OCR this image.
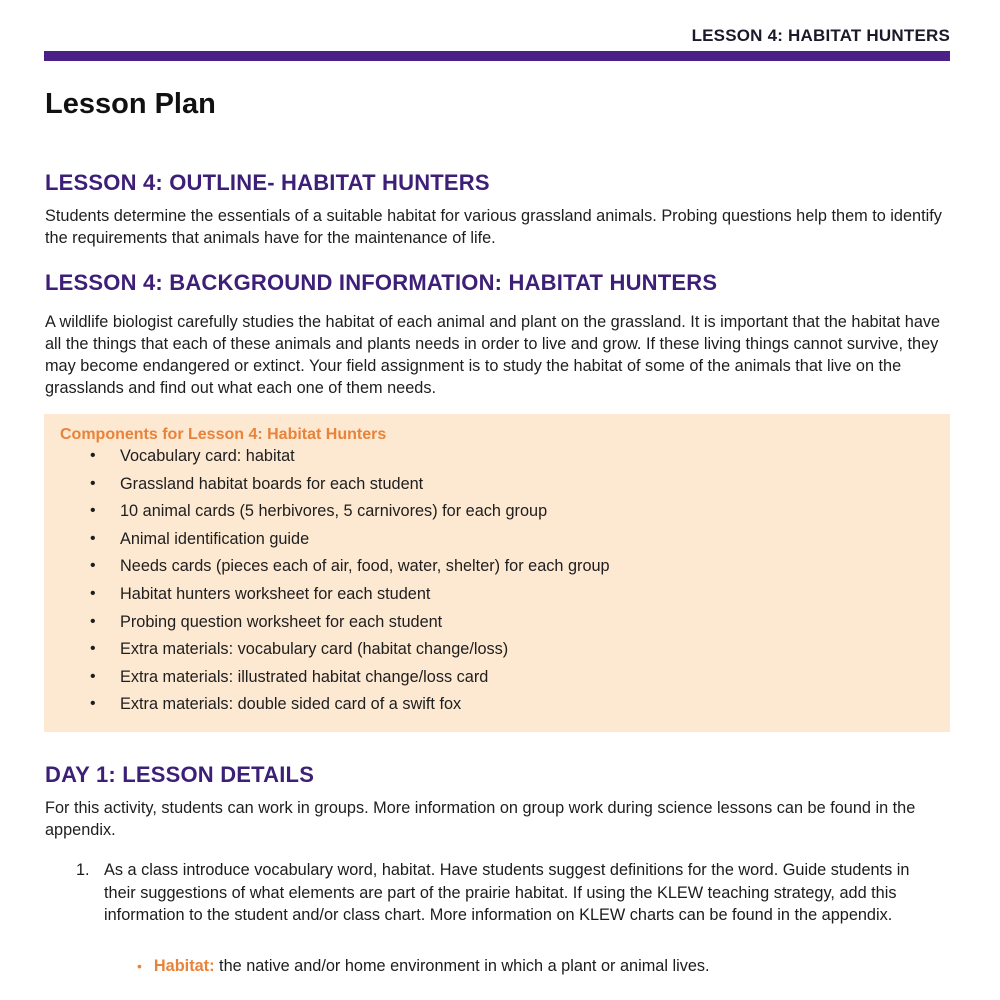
LESSON 4: HABITAT HUNTERS
Lesson Plan
LESSON 4: OUTLINE- HABITAT HUNTERS
Students determine the essentials of a suitable habitat for various grassland animals. Probing questions help them to identify the requirements that animals have for the maintenance of life.
LESSON 4: BACKGROUND INFORMATION: HABITAT HUNTERS
A wildlife biologist carefully studies the habitat of each animal and plant on the grassland. It is important that the habitat have all the things that each of these animals and plants needs in order to live and grow. If these living things cannot survive, they may become endangered or extinct. Your field assignment is to study the habitat of some of the animals that live on the grasslands and find out what each one of them needs.
Components for Lesson 4: Habitat Hunters
• Vocabulary card: habitat
• Grassland habitat boards for each student
• 10 animal cards (5 herbivores, 5 carnivores) for each group
• Animal identification guide
• Needs cards (pieces each of air, food, water, shelter) for each group
• Habitat hunters worksheet for each student
• Probing question worksheet for each student
• Extra materials: vocabulary card (habitat change/loss)
• Extra materials: illustrated habitat change/loss card
• Extra materials: double sided card of a swift fox
DAY 1: LESSON DETAILS
For this activity, students can work in groups. More information on group work during science lessons can be found in the appendix.
1. As a class introduce vocabulary word, habitat. Have students suggest definitions for the word. Guide students in their suggestions of what elements are part of the prairie habitat. If using the KLEW teaching strategy, add this information to the student and/or class chart. More information on KLEW charts can be found in the appendix.
• Habitat: the native and/or home environment in which a plant or animal lives.
